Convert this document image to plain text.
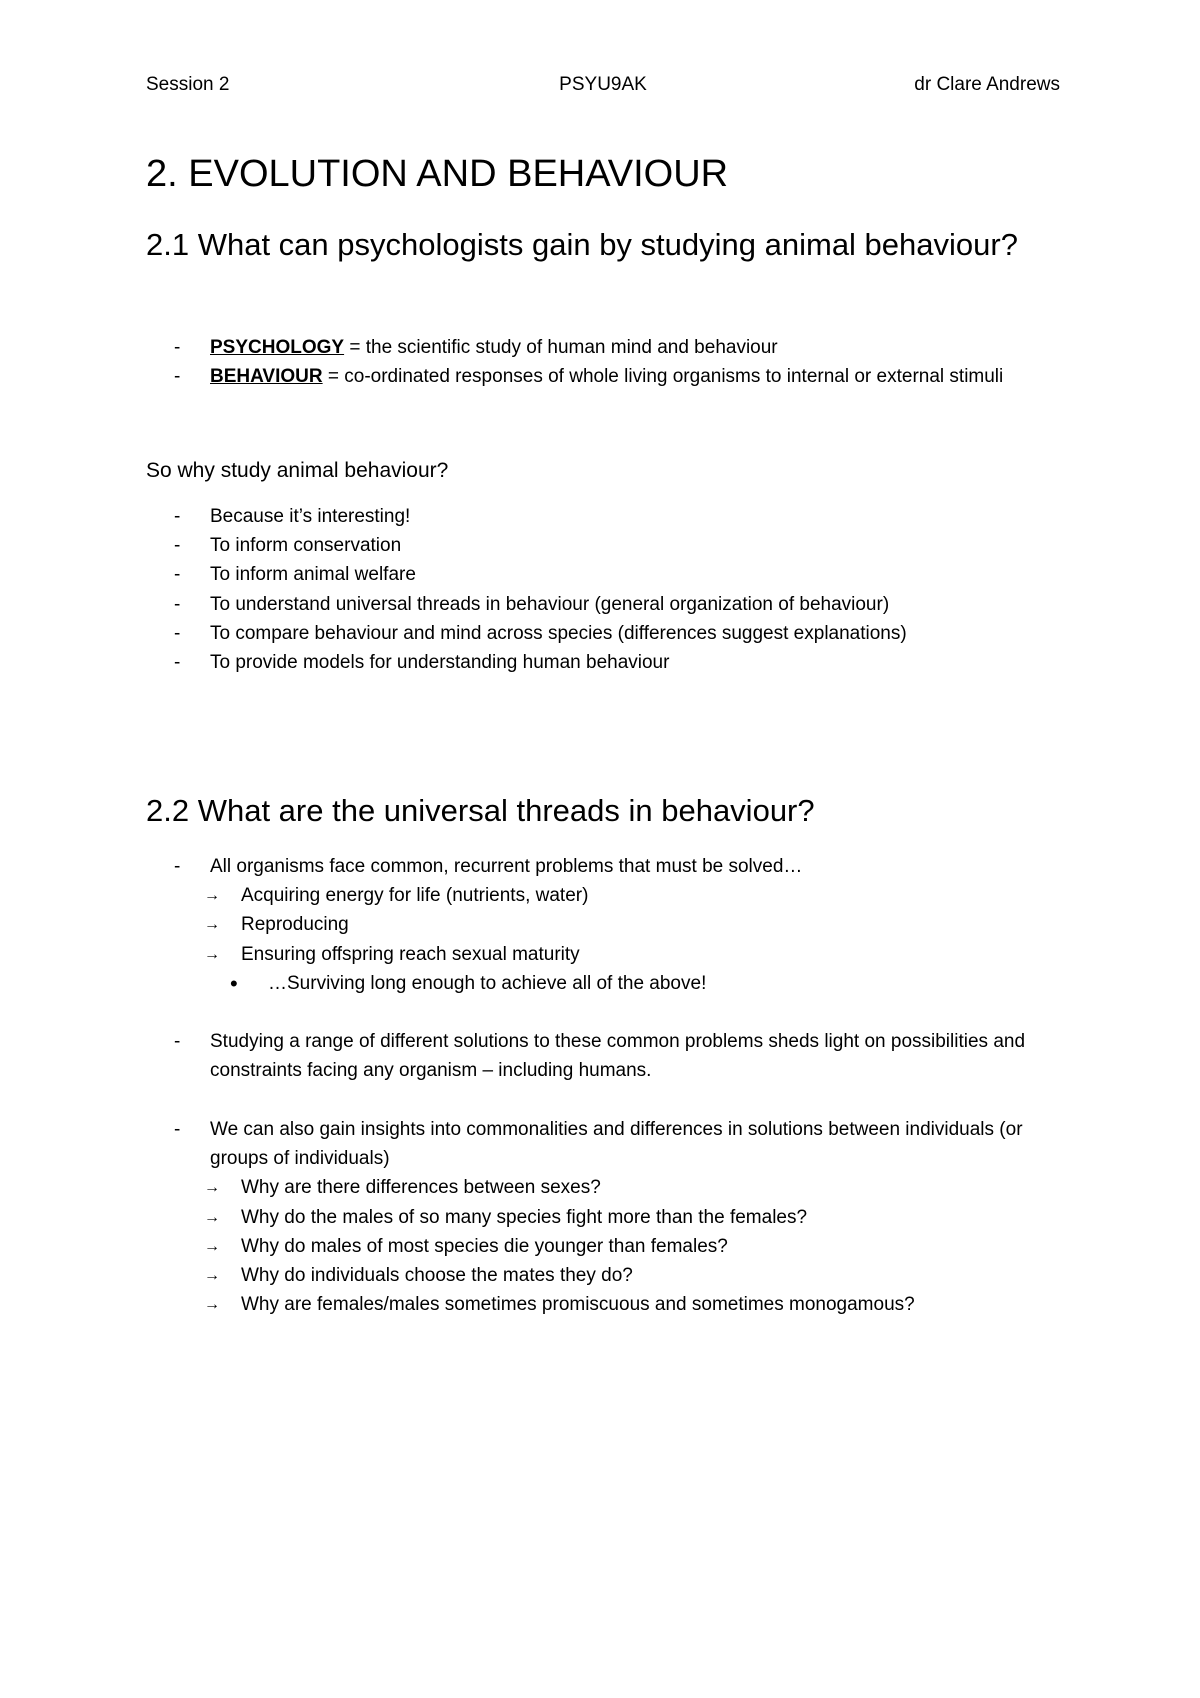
Session 2	PSYU9AK	dr Clare Andrews
2. EVOLUTION AND BEHAVIOUR
2.1 What can psychologists gain by studying animal behaviour?
-	PSYCHOLOGY = the scientific study of human mind and behaviour
-	BEHAVIOUR = co-ordinated responses of whole living organisms to internal or external stimuli
So why study animal behaviour?
-	Because it’s interesting!
-	To inform conservation
-	To inform animal welfare
-	To understand universal threads in behaviour (general organization of behaviour)
-	To compare behaviour and mind across species (differences suggest explanations)
-	To provide models for understanding human behaviour
2.2 What are the universal threads in behaviour?
-	All organisms face common, recurrent problems that must be solved…
→	Acquiring energy for life (nutrients, water)
→	Reproducing
→	Ensuring offspring reach sexual maturity
•	…Surviving long enough to achieve all of the above!
-	Studying a range of different solutions to these common problems sheds light on possibilities and constraints facing any organism – including humans.
-	We can also gain insights into commonalities and differences in solutions between individuals (or groups of individuals)
→	Why are there differences between sexes?
→	Why do the males of so many species fight more than the females?
→	Why do males of most species die younger than females?
→	Why do individuals choose the mates they do?
→	Why are females/males sometimes promiscuous and sometimes monogamous?
